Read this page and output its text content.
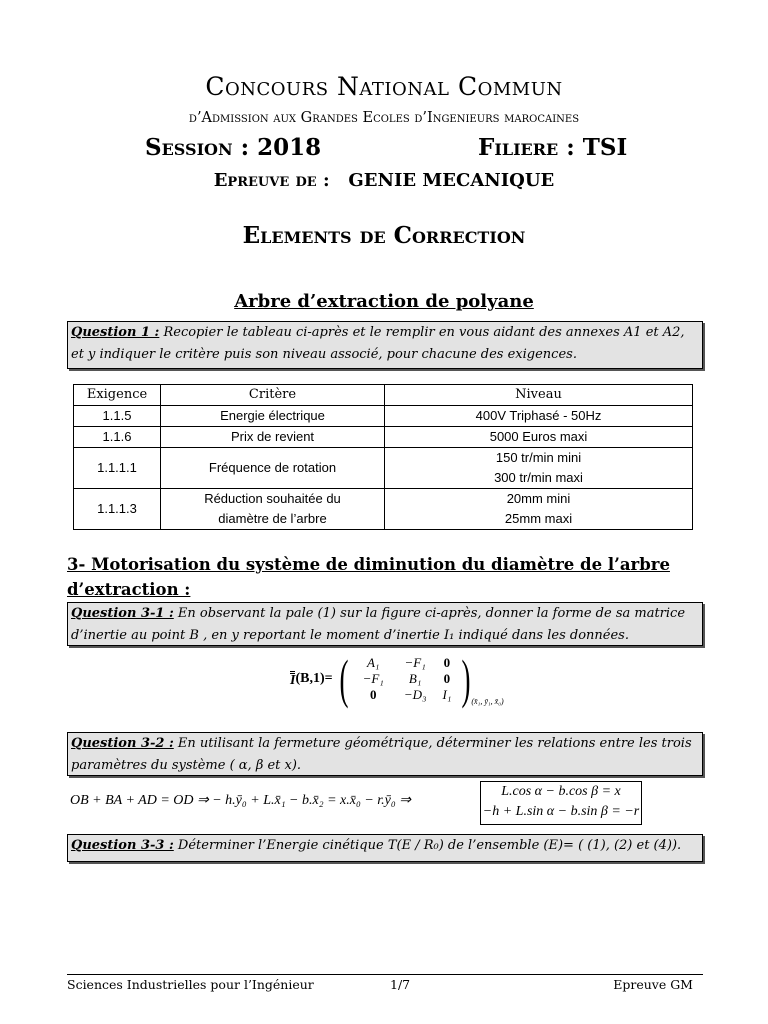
Concours National Commun
d’Admission aux Grandes Ecoles d’Ingenieurs marocaines
Session : 2018	Filiere : TSI
Epreuve de : GENIE MECANIQUE
Elements de Correction
Arbre d’extraction de polyane
Question 1 : Recopier le tableau ci-après et le remplir en vous aidant des annexes A1 et A2, et y indiquer le critère puis son niveau associé, pour chacune des exigences.
Exigence	Critère	Niveau
1.1.5	Energie électrique	400V Triphasé - 50Hz
1.1.6	Prix de revient	5000 Euros maxi
1.1.1.1	Fréquence de rotation	150 tr/min mini
300 tr/min maxi

1.1.1.3	Réduction souhaitée du diamètre de l’arbre	20mm mini
25mm maxi
3- Motorisation du système de diminution du diamètre de l’arbre d’extraction :
Question 3-1 : En observant la pale (1) sur la figure ci-après, donner la forme de sa matrice d’inertie au point B , en y reportant le moment d’inertie I₁ indiqué dans les données.
I (B,1)= ( A₁	−F₁	0
−F₁	B₁	0
0	−D₃	I₁ ) (x̄₁, ȳ₁, x̄₀)
Question 3-2 : En utilisant la fermeture géométrique, déterminer les relations entre les trois paramètres du système ( α, β et x).
OB + BA + AD = OD ⇒ − h.ȳ₀ + L.x̄₁ − b.x̄₂ = x.x̄₀ − r.ȳ₀ ⇒
L.cos α − b.cos β = x
−h + L.sin α − b.sin β = −r
Question 3-3 : Déterminer l’Energie cinétique T(E / R₀) de l’ensemble (E)= ( (1), (2) et (4)).
Sciences Industrielles pour l’Ingénieur	1/7	Epreuve GM
